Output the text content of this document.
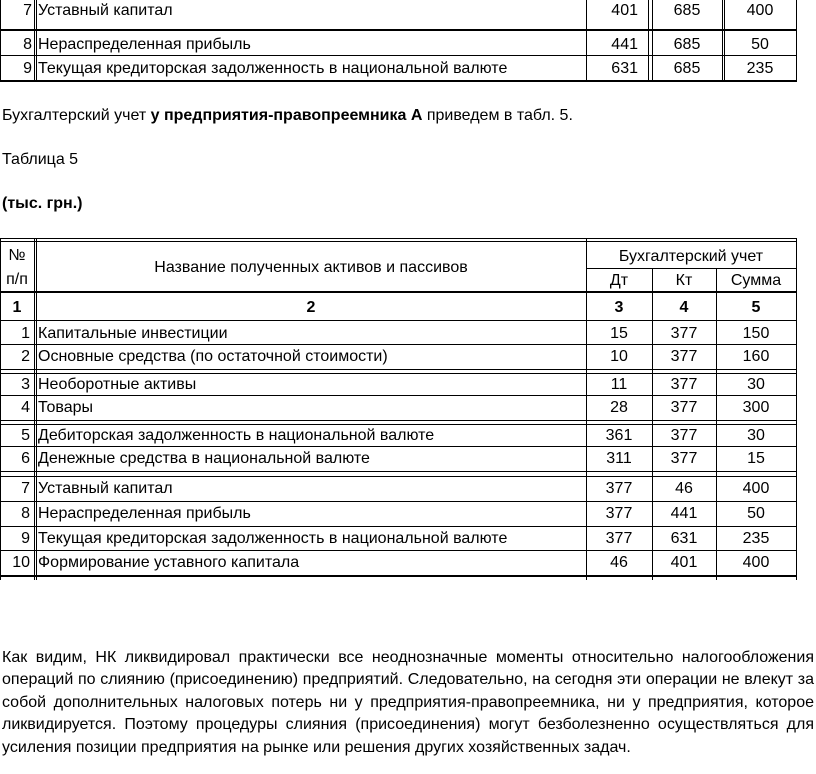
7 Уставный капитал	401	685	400
8 Нераспределенная прибыль	441	685	50
9 Текущая кредиторская задолженность в национальной валюте	631	685	235
Бухгалтерский учет у предприятия-правопреемника А приведем в табл. 5.
Таблица 5
(тыс. грн.)
№
п/п
Название полученных активов и пассивов
Бухгалтерский учет
Дт	Кт	Сумма
1	2	3	4	5
1 Капитальные инвестиции	15	377	150
2 Основные средства (по остаточной стоимости)	10	377	160
3 Необоротные активы	11	377	30
4 Товары	28	377	300
5 Дебиторская задолженность в национальной валюте	361	377	30
6 Денежные средства в национальной валюте	311	377	15
7 Уставный капитал	377	46	400
8 Нераспределенная прибыль	377	441	50
9 Текущая кредиторская задолженность в национальной валюте	377	631	235
10 Формирование уставного капитала	46	401	400
Как видим, НК ликвидировал практически все неоднозначные моменты относительно налогообложения операций по слиянию (присоединению) предприятий. Следовательно, на сегодня эти операции не влекут за собой дополнительных налоговых потерь ни у предприятия-правопреемника, ни у предприятия, которое ликвидируется. Поэтому процедуры слияния (присоединения) могут безболезненно осуществляться для усиления позиции предприятия на рынке или решения других хозяйственных задач.
